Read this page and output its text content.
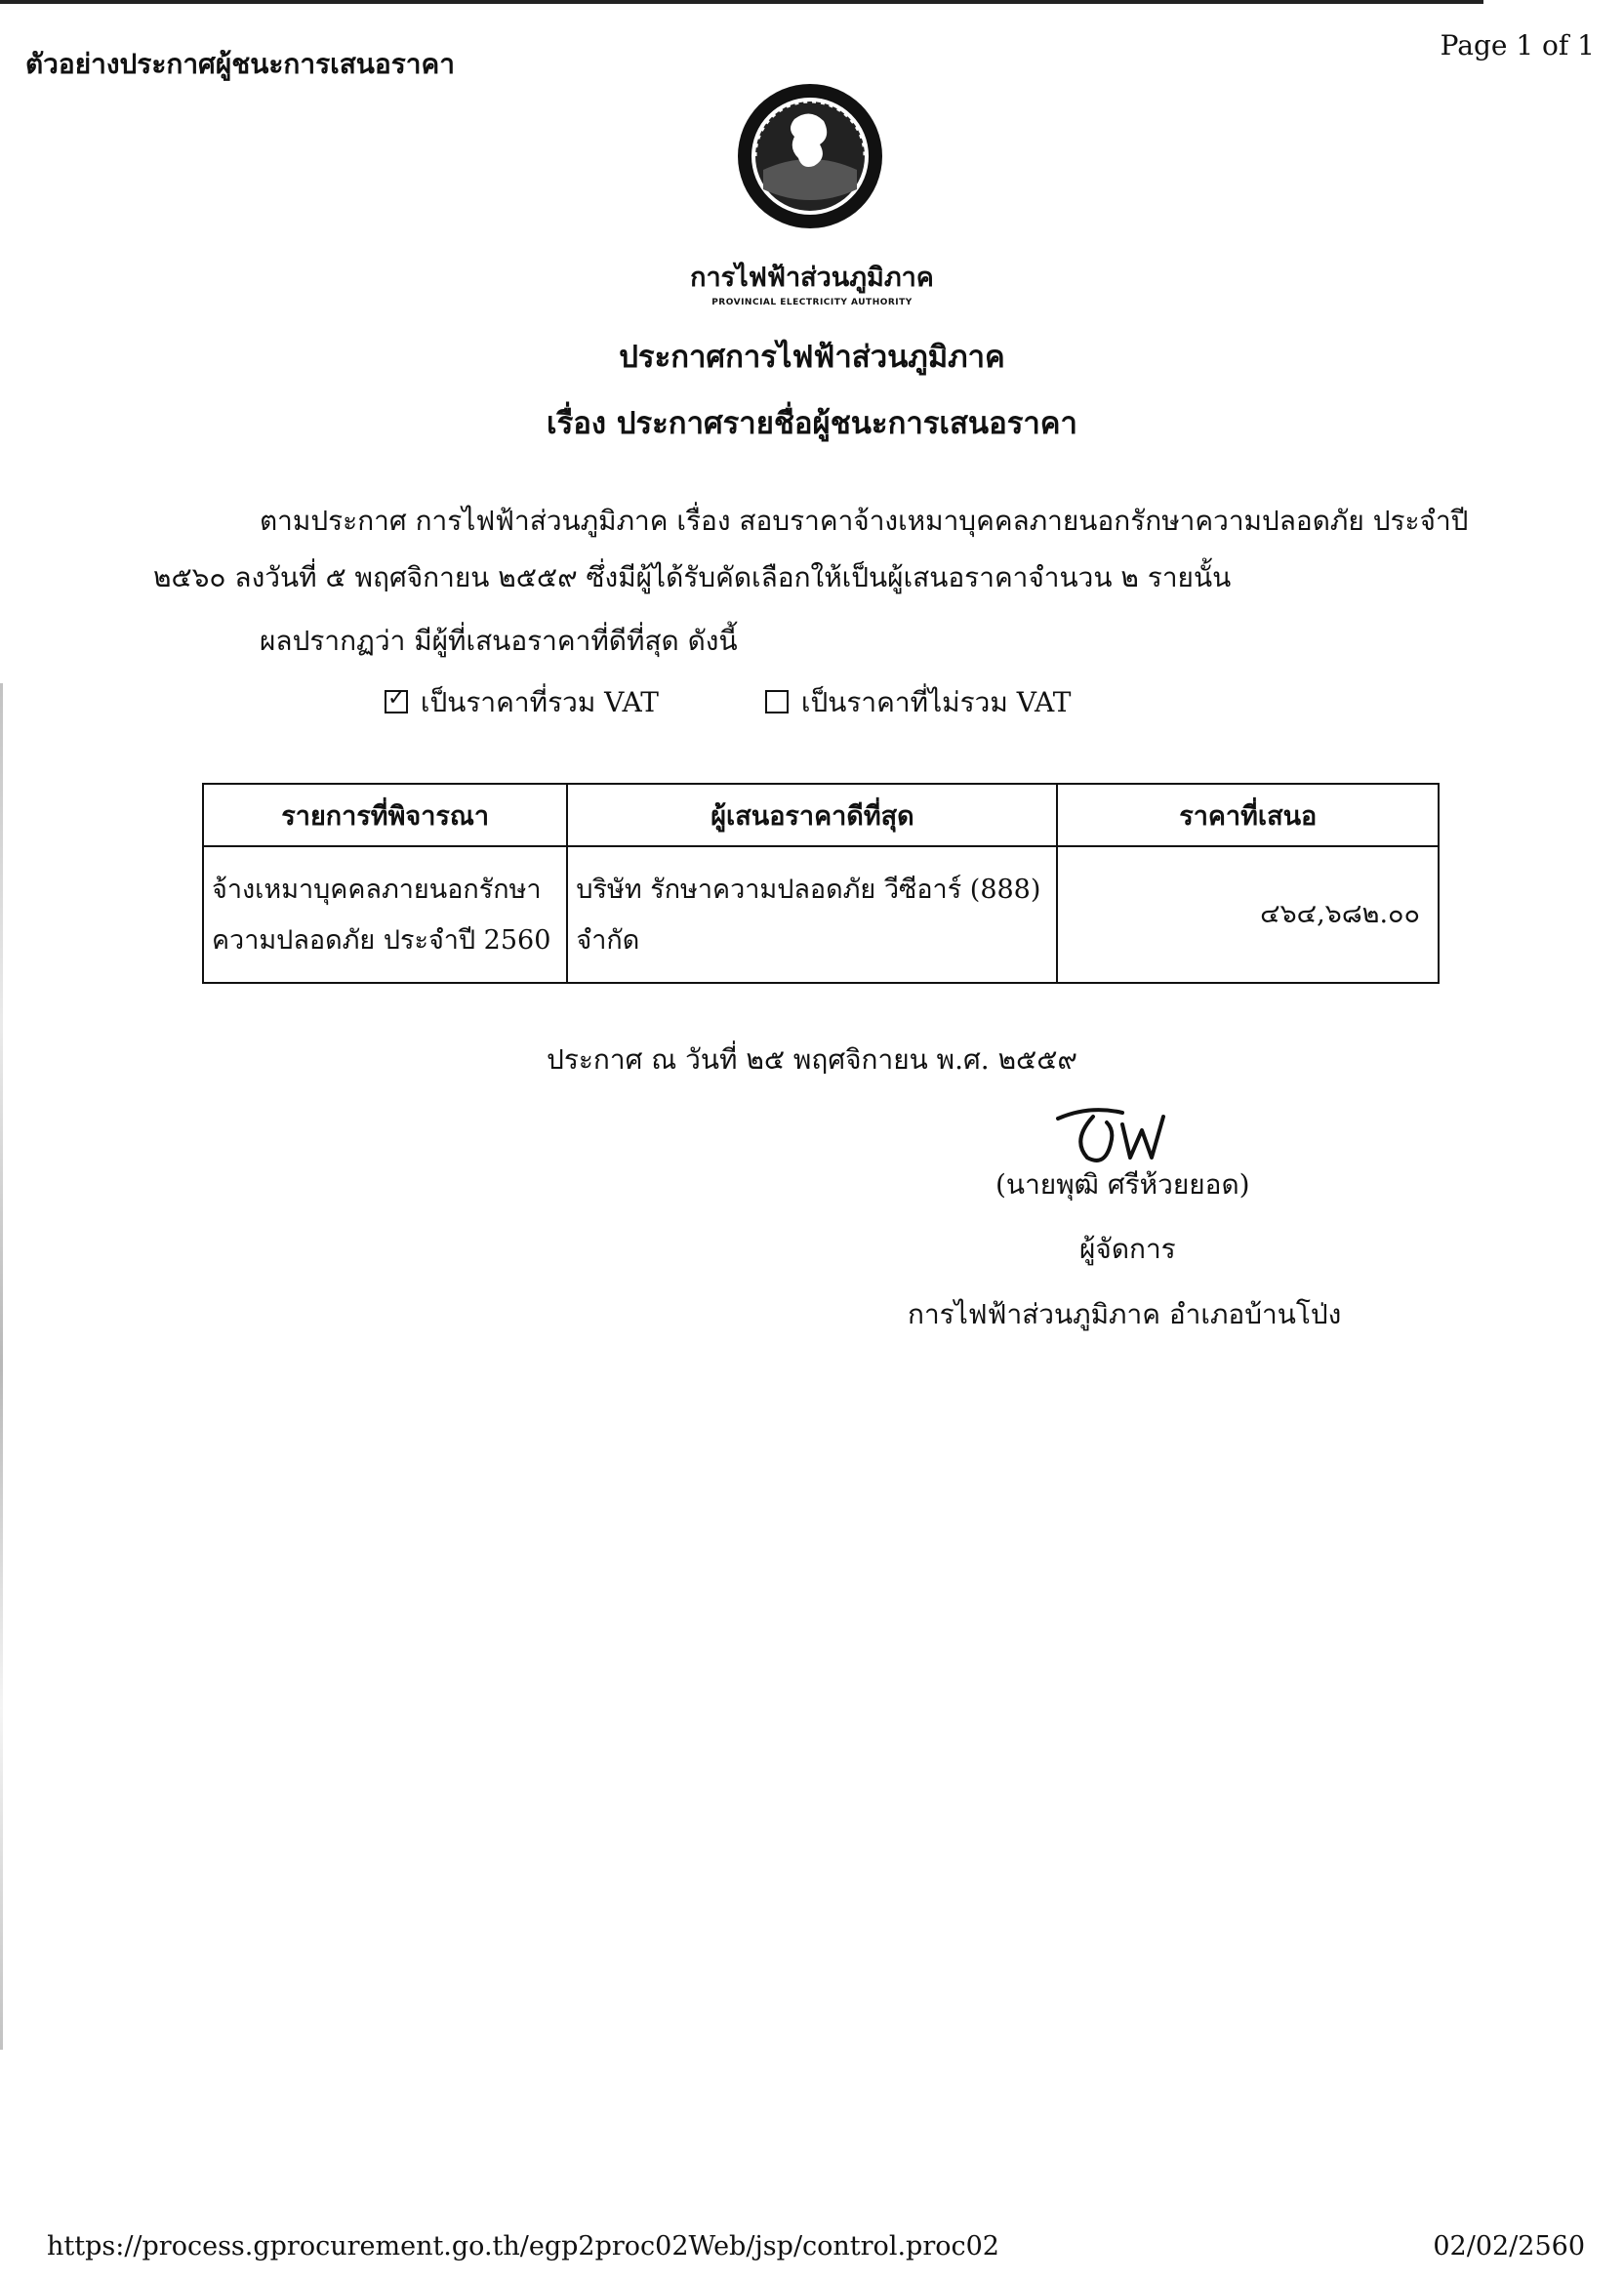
ตัวอย่างประกาศผู้ชนะการเสนอราคา
Page 1 of 1
การไฟฟ้าส่วนภูมิภาค
PROVINCIAL ELECTRICITY AUTHORITY
ประกาศการไฟฟ้าส่วนภูมิภาค
เรื่อง ประกาศรายชื่อผู้ชนะการเสนอราคา
ตามประกาศ การไฟฟ้าส่วนภูมิภาค เรื่อง สอบราคาจ้างเหมาบุคคลภายนอกรักษาความปลอดภัย ประจำปี
๒๕๖๐ ลงวันที่ ๕ พฤศจิกายน ๒๕๕๙ ซึ่งมีผู้ได้รับคัดเลือกให้เป็นผู้เสนอราคาจำนวน ๒ รายนั้น
ผลปรากฏว่า มีผู้ที่เสนอราคาที่ดีที่สุด ดังนี้
✓ เป็นราคาที่รวม VAT	เป็นราคาที่ไม่รวม VAT
รายการที่พิจารณา	ผู้เสนอราคาดีที่สุด	ราคาที่เสนอ
จ้างเหมาบุคคลภายนอกรักษาความปลอดภัย ประจำปี 2560	บริษัท รักษาความปลอดภัย วีซีอาร์ (888) จำกัด	๔๖๔,๖๘๒.๐๐
ประกาศ ณ วันที่ ๒๕ พฤศจิกายน พ.ศ. ๒๕๕๙
(นายพุฒิ ศรีห้วยยอด)
ผู้จัดการ
การไฟฟ้าส่วนภูมิภาค อำเภอบ้านโป่ง
https://process.gprocurement.go.th/egp2proc02Web/jsp/control.proc02	02/02/2560
